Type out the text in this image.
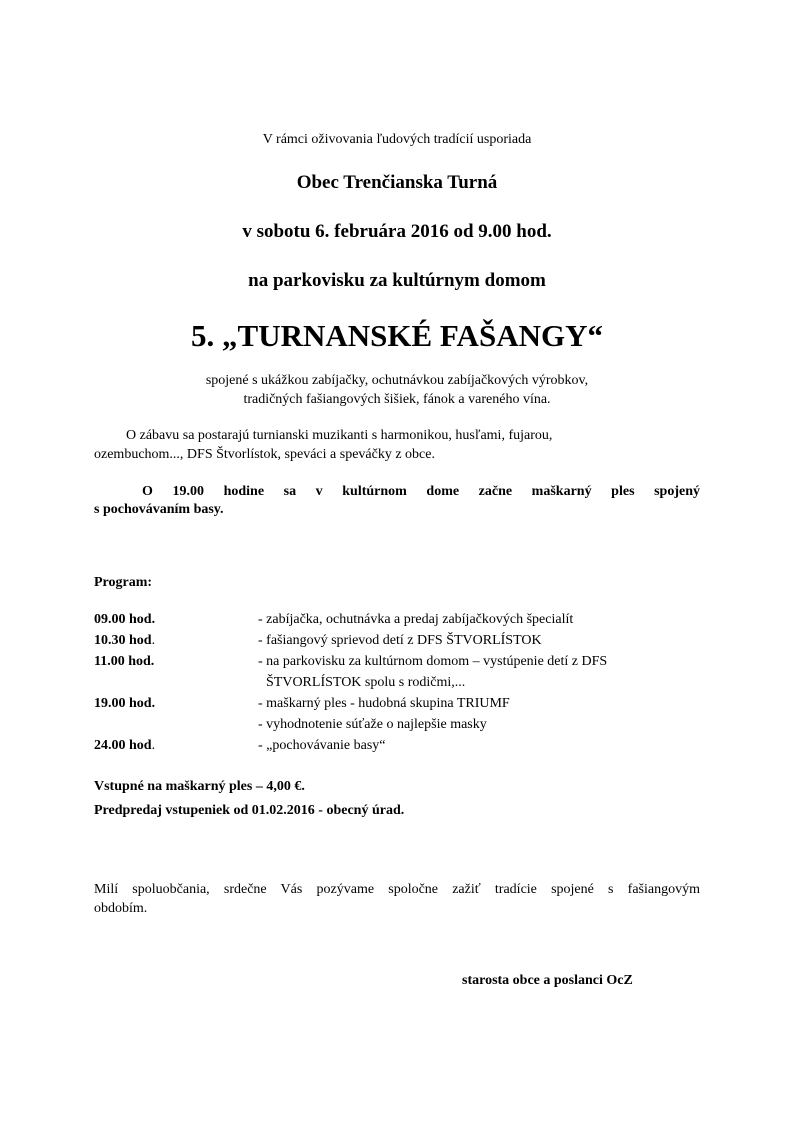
V rámci oživovania ľudových tradícií usporiada
Obec Trenčianska Turná
v sobotu 6. februára 2016 od 9.00 hod.
na parkovisku za kultúrnym domom
5. „TURNANSKÉ FAŠANGY“
spojené s ukážkou zabíjačky, ochutnávkou zabíjačkových výrobkov,
tradičných fašiangových šišiek, fánok a vareného vína.
O zábavu sa postarajú turnianski muzikanti s harmonikou, husľami, fujarou,
ozembuchom..., DFS Štvorlístok, speváci a speváčky z obce.
O 19.00 hodine sa v kultúrnom dome začne maškarný ples spojený
s pochovávaním basy.
Program:
09.00 hod.	- zabíjačka, ochutnávka a predaj zabíjačkových špecialít
10.30 hod.	- fašiangový sprievod detí z DFS ŠTVORLÍSTOK
11.00 hod.	- na parkovisku za kultúrnom domom – vystúpenie detí z DFS
ŠTVORLÍSTOK spolu s rodičmi,...
19.00 hod.	- maškarný ples - hudobná skupina TRIUMF
- vyhodnotenie súťaže o najlepšie masky
24.00 hod.	- „pochovávanie basy“
Vstupné na maškarný ples – 4,00 €.
Predpredaj vstupeniek od 01.02.2016 - obecný úrad.
Milí spoluobčania, srdečne Vás pozývame spoločne zažiť tradície spojené s fašiangovým
obdobím.
starosta obce a poslanci OcZ
